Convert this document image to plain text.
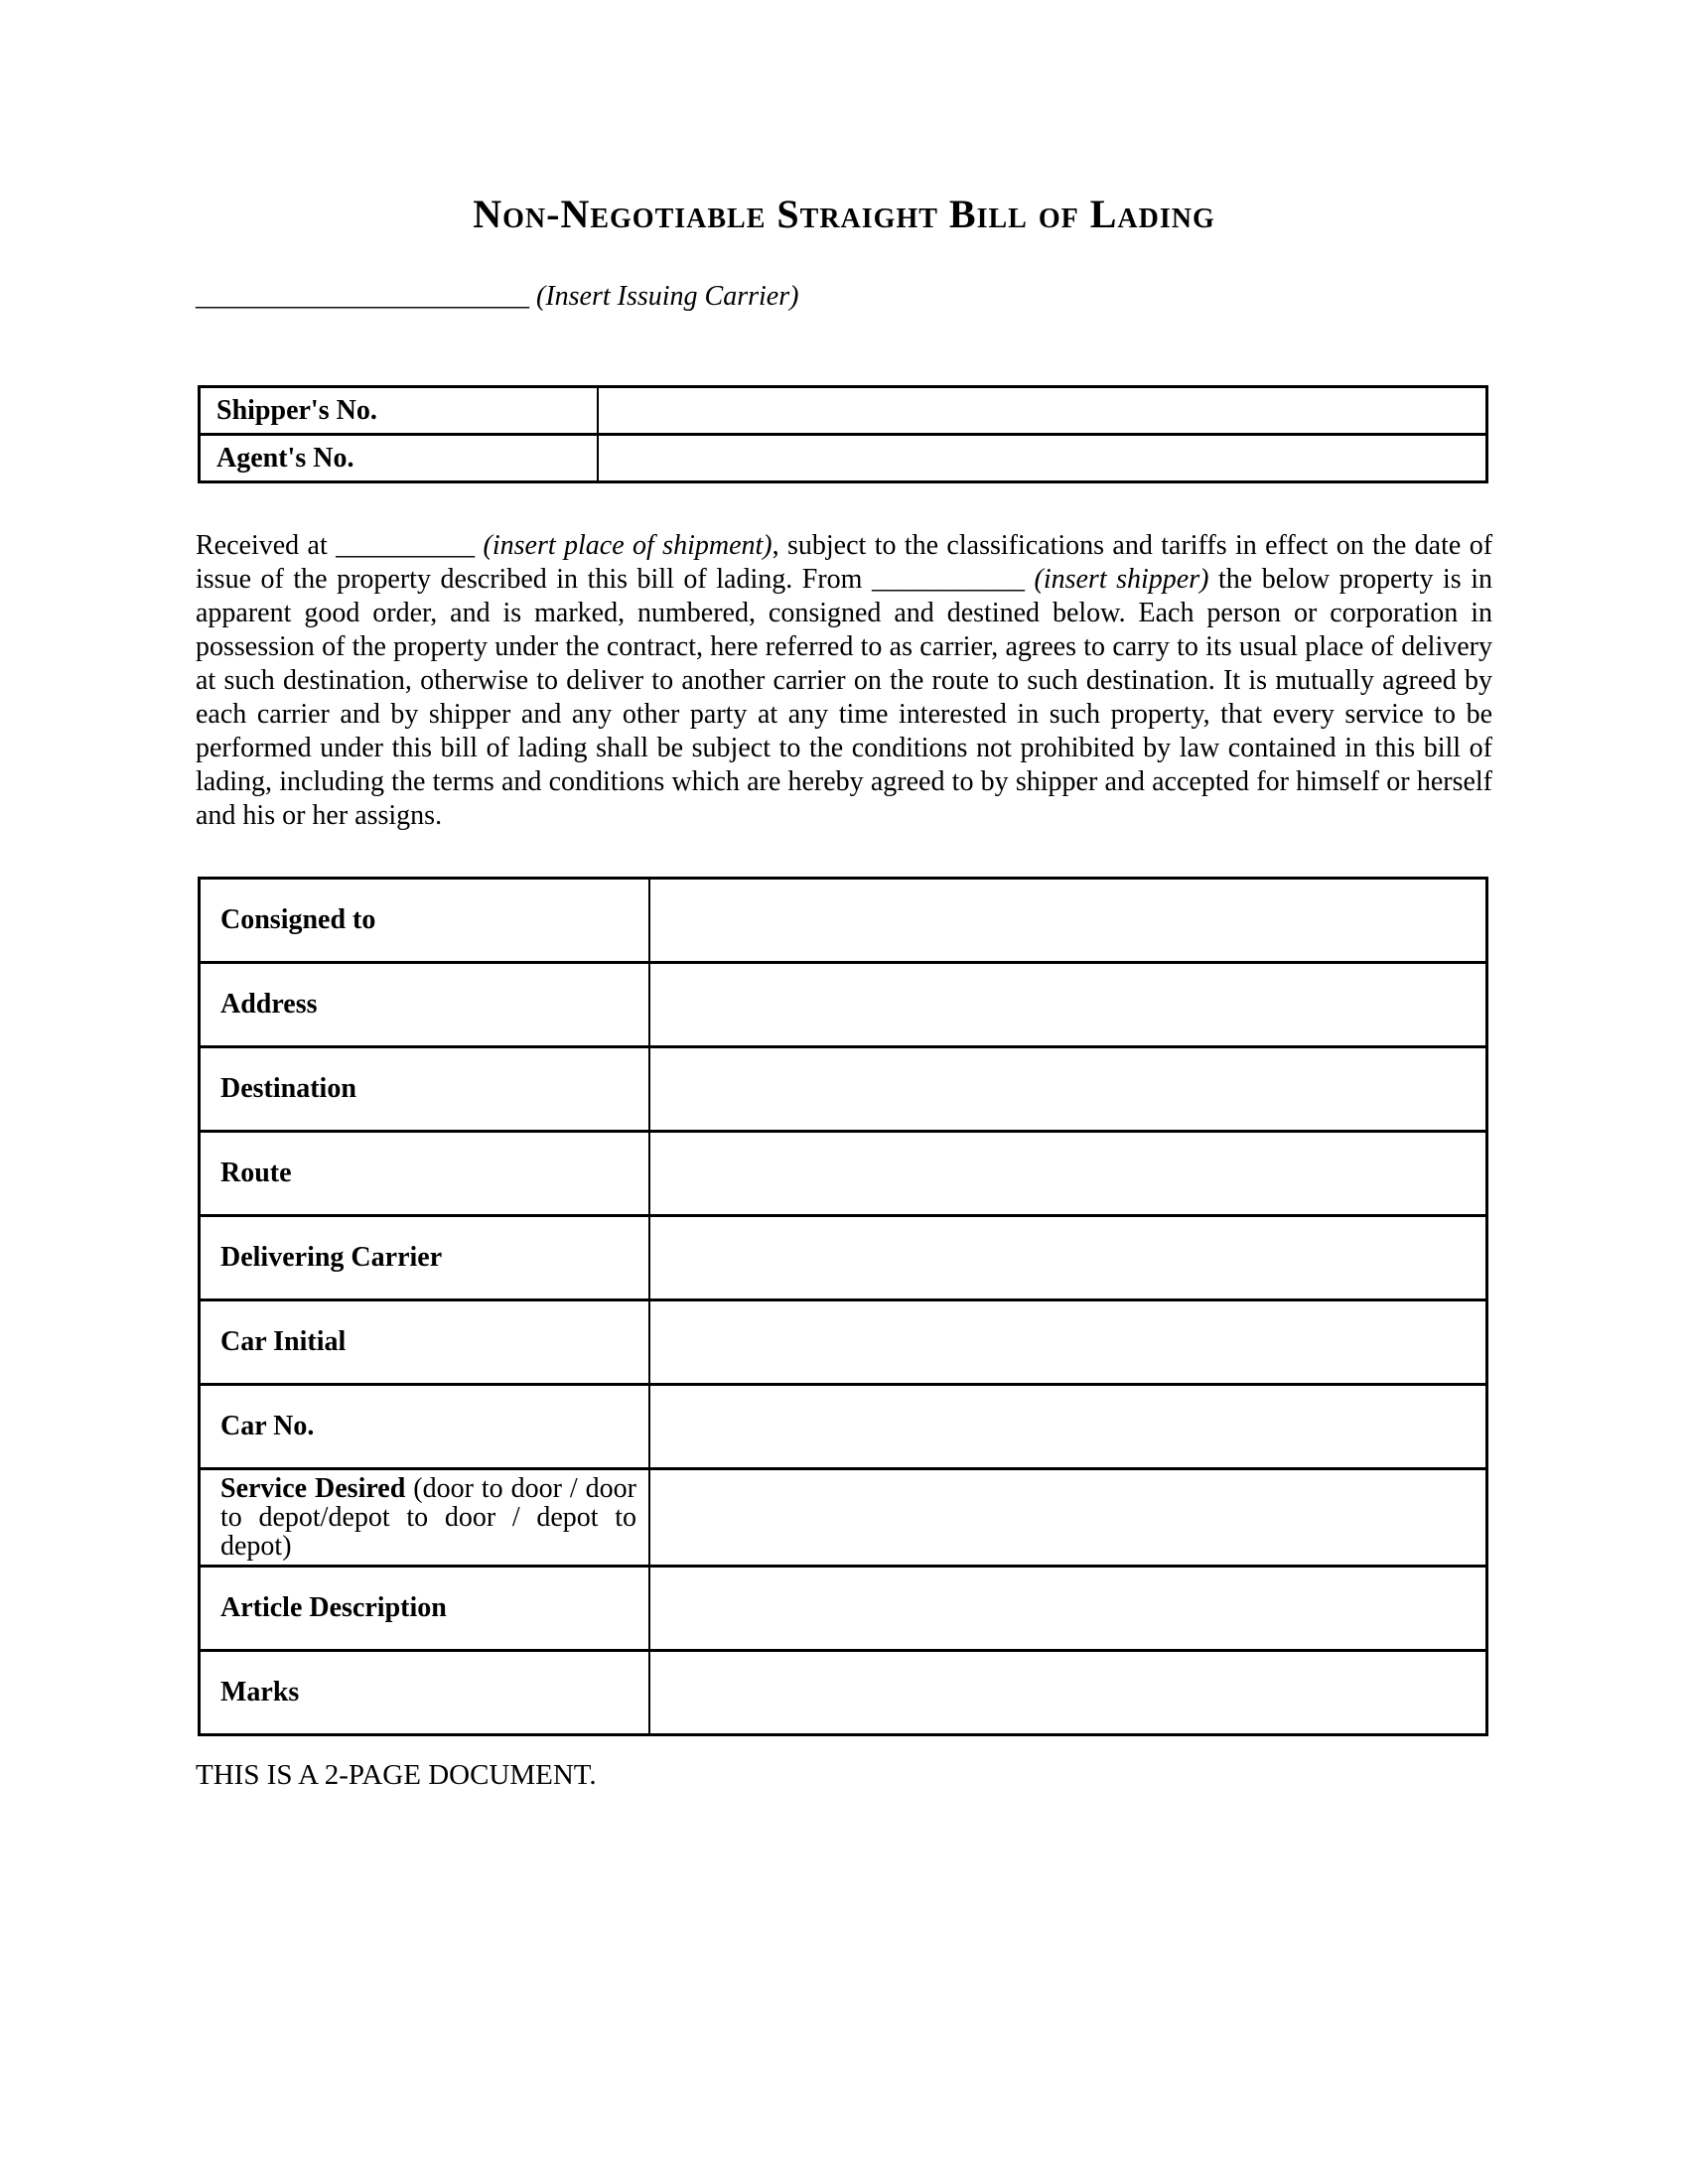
Non-Negotiable Straight Bill of Lading
________________________ (Insert Issuing Carrier)
Shipper's No.
Agent's No.

Received at __________ (insert place of shipment), subject to the classifications and tariffs in effect on the date of issue of the property described in this bill of lading. From ___________ (insert shipper) the below property is in apparent good order, and is marked, numbered, consigned and destined below. Each person or corporation in possession of the property under the contract, here referred to as carrier, agrees to carry to its usual place of delivery at such destination, otherwise to deliver to another carrier on the route to such destination. It is mutually agreed by each carrier and by shipper and any other party at any time interested in such property, that every service to be performed under this bill of lading shall be subject to the conditions not prohibited by law contained in this bill of lading, including the terms and conditions which are hereby agreed to by shipper and accepted for himself or herself and his or her assigns.

Consigned to
Address
Destination
Route
Delivering Carrier
Car Initial
Car No.
Service Desired (door to door / door to depot/depot to door / depot to depot)
Article Description
Marks
THIS IS A 2-PAGE DOCUMENT.
